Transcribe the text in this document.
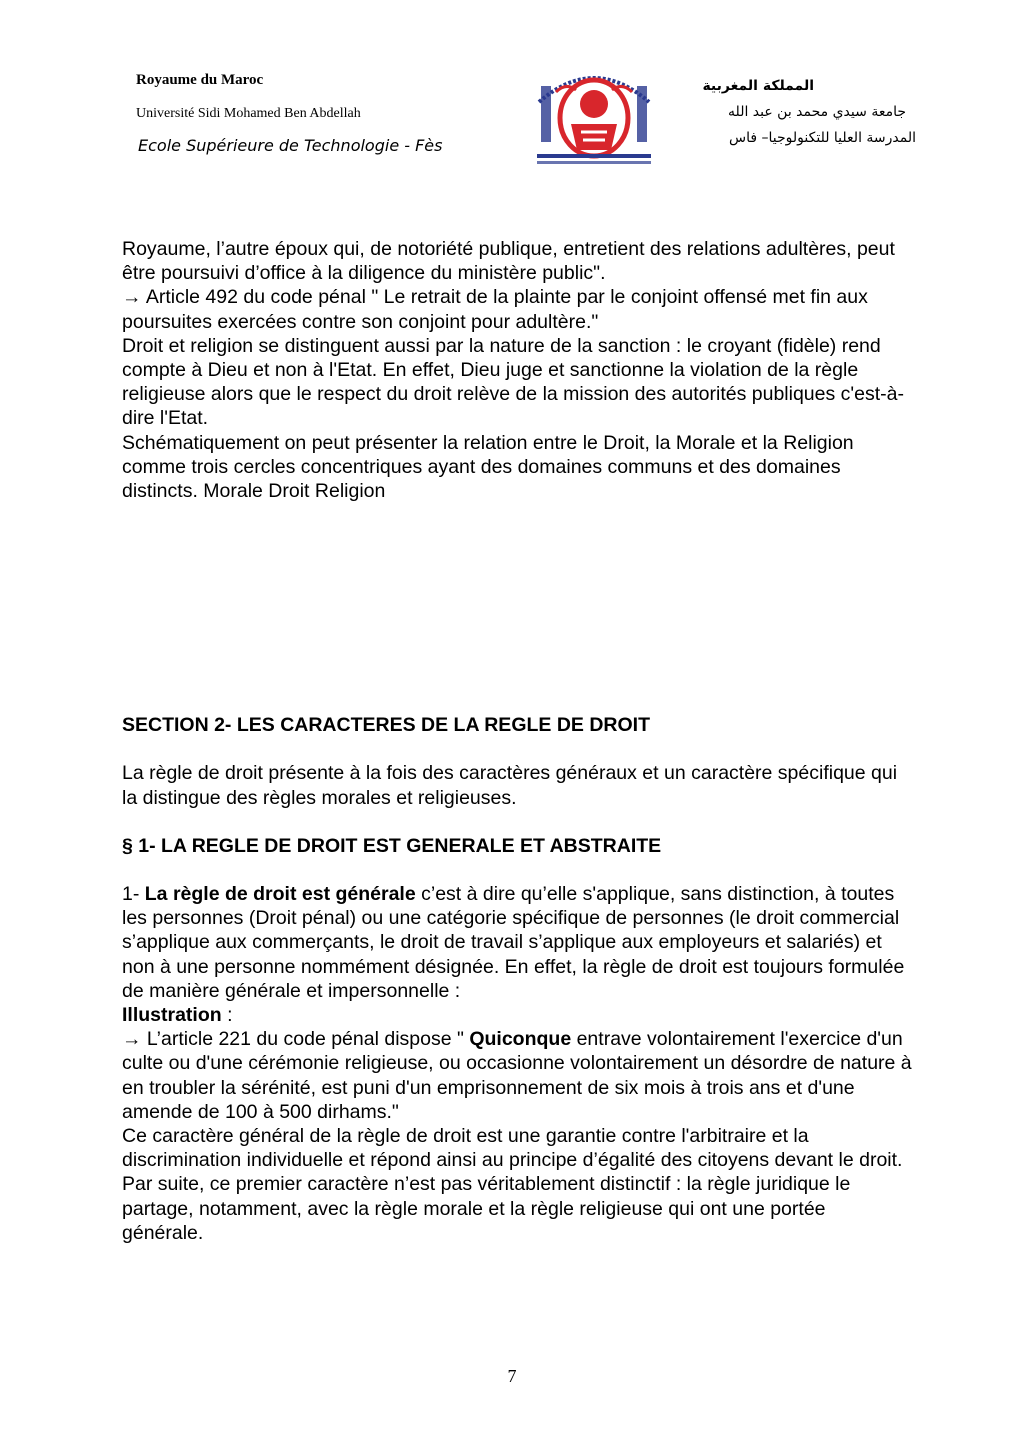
Royaume du Maroc
Université Sidi Mohamed Ben Abdellah
Ecole Supérieure de Technologie - Fès
المملكة المغربية
جامعة سيدي محمد بن عبد الله
المدرسة العليا للتكنولوجيا– فاس

Royaume, l’autre époux qui, de notoriété publique, entretient des relations adultères, peut être poursuivi d’office à la diligence du ministère public".

→ Article 492 du code pénal " Le retrait de la plainte par le conjoint offensé met fin aux poursuites exercées contre son conjoint pour adultère."

Droit et religion se distinguent aussi par la nature de la sanction : le croyant (fidèle) rend compte à Dieu et non à l'Etat. En effet, Dieu juge et sanctionne la violation de la règle religieuse alors que le respect du droit relève de la mission des autorités publiques c'est-à- dire l'Etat.

Schématiquement on peut présenter la relation entre le Droit, la Morale et la Religion comme trois cercles concentriques ayant des domaines communs et des domaines distincts. Morale Droit Religion

SECTION 2- LES CARACTERES DE LA REGLE DE DROIT

La règle de droit présente à la fois des caractères généraux et un caractère spécifique qui la distingue des règles morales et religieuses.

§ 1- LA REGLE DE DROIT EST GENERALE ET ABSTRAITE

1- La règle de droit est générale c’est à dire qu’elle s'applique, sans distinction, à toutes les personnes (Droit pénal) ou une catégorie spécifique de personnes (le droit commercial s’applique aux commerçants, le droit de travail s’applique aux employeurs et salariés) et non à une personne nommément désignée. En effet, la règle de droit est toujours formulée de manière générale et impersonnelle :

Illustration :

→ L’article 221 du code pénal dispose " Quiconque entrave volontairement l'exercice d'un culte ou d'une cérémonie religieuse, ou occasionne volontairement un désordre de nature à en troubler la sérénité, est puni d'un emprisonnement de six mois à trois ans et d'une amende de 100 à 500 dirhams."

Ce caractère général de la règle de droit est une garantie contre l'arbitraire et la discrimination individuelle et répond ainsi au principe d’égalité des citoyens devant le droit. Par suite, ce premier caractère n’est pas véritablement distinctif : la règle juridique le partage, notamment, avec la règle morale et la règle religieuse qui ont une portée générale.

7
